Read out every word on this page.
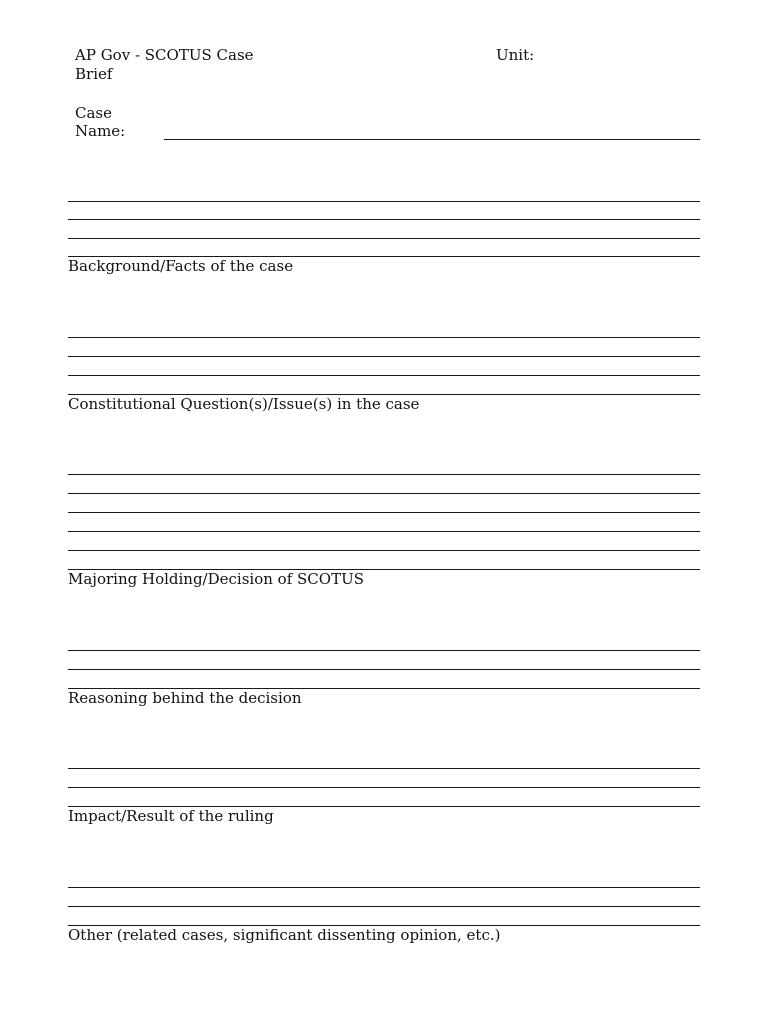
AP Gov - SCOTUS Case
Brief
Unit:
Case
Name:
Background/Facts of the case
Constitutional Question(s)/Issue(s) in the case
Majoring Holding/Decision of SCOTUS
Reasoning behind the decision
Impact/Result of the ruling
Other (related cases, significant dissenting opinion, etc.)
